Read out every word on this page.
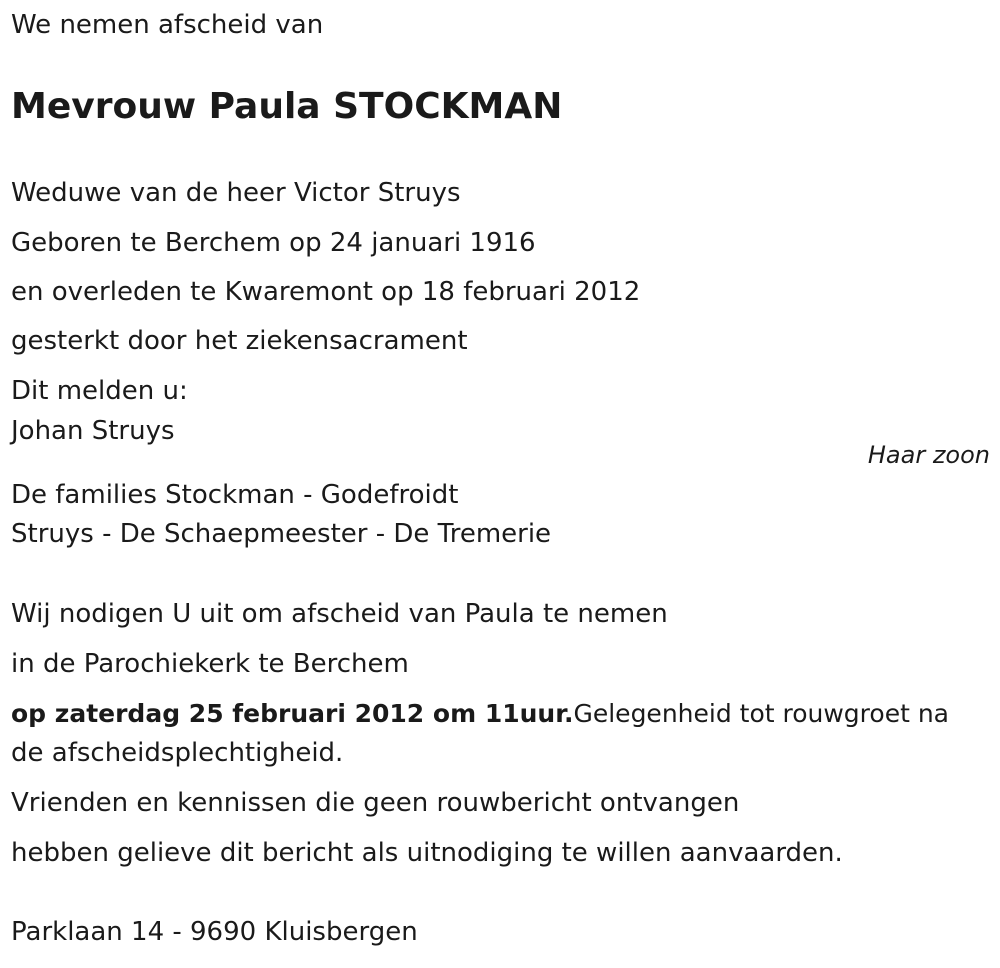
We nemen afscheid van
Mevrouw Paula STOCKMAN
Weduwe van de heer Victor Struys
Geboren te Berchem op 24 januari 1916
en overleden te Kwaremont op 18 februari 2012
gesterkt door het ziekensacrament
Dit melden u:
Johan Struys
Haar zoon
De families Stockman - Godefroidt
Struys - De Schaepmeester - De Tremerie
Wij nodigen U uit om afscheid van Paula te nemen
in de Parochiekerk te Berchem
op zaterdag 25 februari 2012 om 11uur.Gelegenheid tot rouwgroet na
de afscheidsplechtigheid.
Vrienden en kennissen die geen rouwbericht ontvangen
hebben gelieve dit bericht als uitnodiging te willen aanvaarden.
Parklaan 14 - 9690 Kluisbergen
